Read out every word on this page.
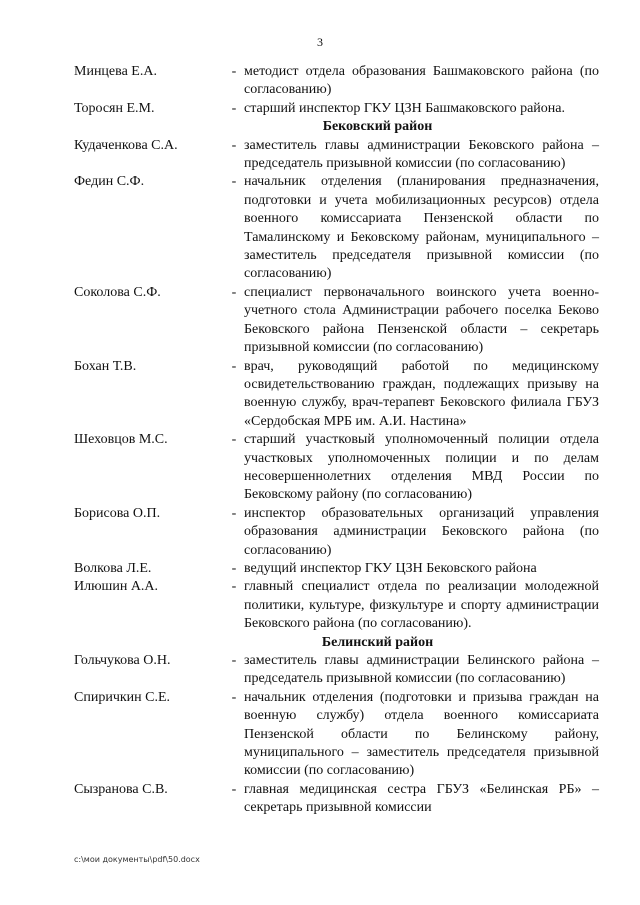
3
Минцева Е.А.	- методист отдела образования Башмаковского района (по согласованию)
Торосян Е.М.	- старший инспектор ГКУ ЦЗН Башмаковского района.
Бековский район
Кудаченкова С.А.	- заместитель главы администрации Бековского района – председатель призывной комиссии (по согласованию)
Федин С.Ф.	- начальник отделения (планирования предназначения, подготовки и учета мобилизационных ресурсов) отдела военного комиссариата Пензенской области по Тамалинскому и Бековскому районам, муниципального – заместитель председателя призывной комиссии (по согласованию)
Соколова С.Ф.	- специалист первоначального воинского учета военно-учетного стола Администрации рабочего поселка Беково Бековского района Пензенской области – секретарь призывной комиссии (по согласованию)
Бохан Т.В.	- врач, руководящий работой по медицинскому освидетельствованию граждан, подлежащих призыву на военную службу, врач-терапевт Бековского филиала ГБУЗ «Сердобская МРБ им. А.И. Настина»
Шеховцов М.С.	- старший участковый уполномоченный полиции отдела участковых уполномоченных полиции и по делам несовершеннолетних отделения МВД России по Бековскому району (по согласованию)
Борисова О.П.	- инспектор образовательных организаций управления образования администрации Бековского района (по согласованию)
Волкова Л.Е.	- ведущий инспектор ГКУ ЦЗН Бековского района
Илюшин А.А.	- главный специалист отдела по реализации молодежной политики, культуре, физкультуре и спорту администрации Бековского района (по согласованию).
Белинский район
Гольчукова О.Н.	- заместитель главы администрации Белинского района – председатель призывной комиссии (по согласованию)
Спиричкин С.Е.	- начальник отделения (подготовки и призыва граждан на военную службу) отдела военного комиссариата Пензенской области по Белинскому району, муниципального – заместитель председателя призывной комиссии (по согласованию)
Сызранова С.В.	- главная медицинская сестра ГБУЗ «Белинская РБ» – секретарь призывной комиссии
c:\мои документы\pdf\50.docx
